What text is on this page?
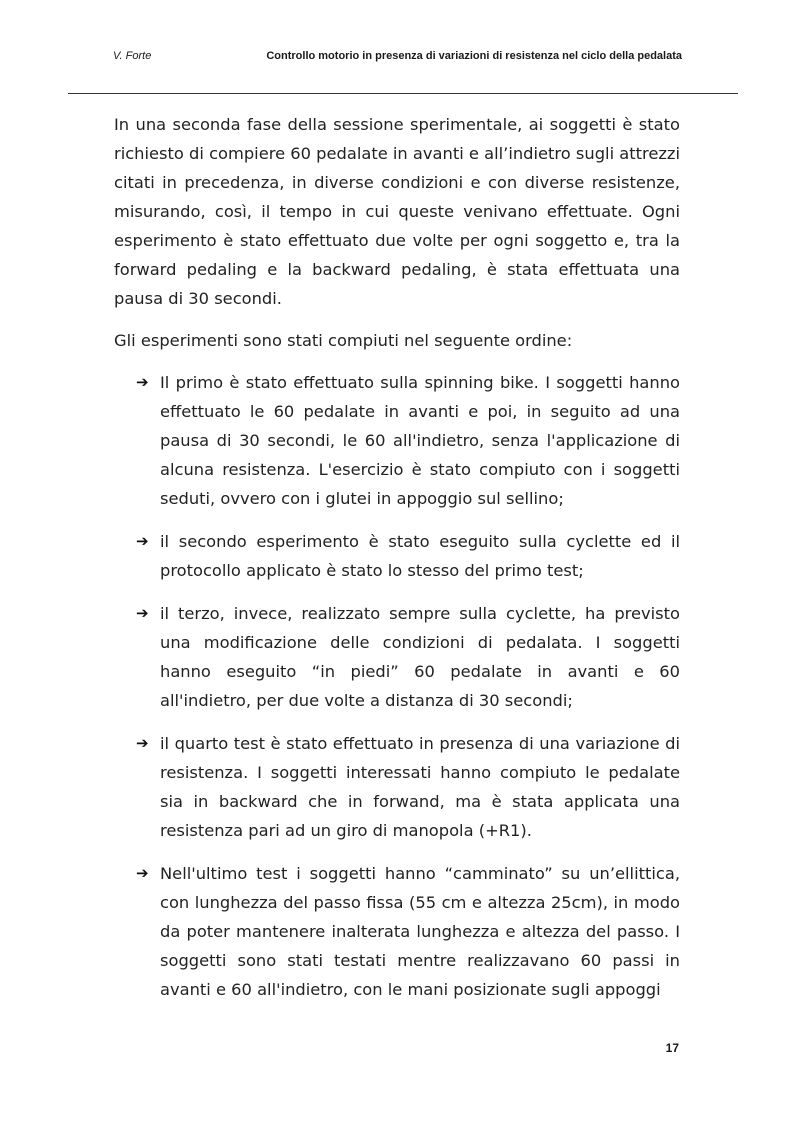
V. Forte	Controllo motorio in presenza di variazioni di resistenza nel ciclo della pedalata

In una seconda fase della sessione sperimentale, ai soggetti è stato richiesto di compiere 60 pedalate in avanti e all’indietro sugli attrezzi citati in precedenza, in diverse condizioni e con diverse resistenze, misurando, così, il tempo in cui queste venivano effettuate. Ogni esperimento è stato effettuato due volte per ogni soggetto e, tra la forward pedaling e la backward pedaling, è stata effettuata una pausa di 30 secondi.

Gli esperimenti sono stati compiuti nel seguente ordine:

➔ Il primo è stato effettuato sulla spinning bike. I soggetti hanno effettuato le 60 pedalate in avanti e poi, in seguito ad una pausa di 30 secondi, le 60 all'indietro, senza l'applicazione di alcuna resistenza. L'esercizio è stato compiuto con i soggetti seduti, ovvero con i glutei in appoggio sul sellino;
➔ il secondo esperimento è stato eseguito sulla cyclette ed il protocollo applicato è stato lo stesso del primo test;
➔ il terzo, invece, realizzato sempre sulla cyclette, ha previsto una modificazione delle condizioni di pedalata. I soggetti hanno eseguito “in piedi” 60 pedalate in avanti e 60 all'indietro, per due volte a distanza di 30 secondi;
➔ il quarto test è stato effettuato in presenza di una variazione di resistenza. I soggetti interessati hanno compiuto le pedalate sia in backward che in forwand, ma è stata applicata una resistenza pari ad un giro di manopola (+R1).
➔ Nell'ultimo test i soggetti hanno “camminato” su un’ellittica, con lunghezza del passo fissa (55 cm e altezza 25cm), in modo da poter mantenere inalterata lunghezza e altezza del passo. I soggetti sono stati testati mentre realizzavano 60 passi in avanti e 60 all'indietro, con le mani posizionate sugli appoggi
17
